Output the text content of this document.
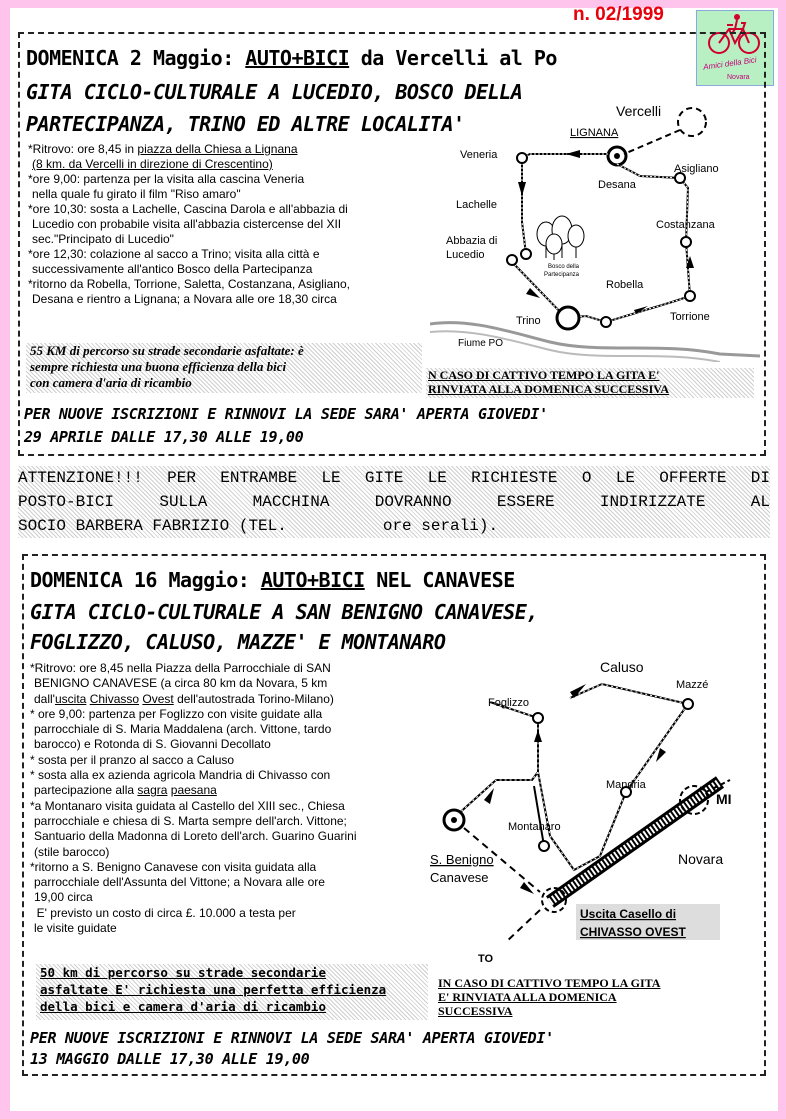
n. 02/1999
Amici della Bici
Novara
DOMENICA 2 Maggio: AUTO+BICI da Vercelli al Po
GITA CICLO-CULTURALE A LUCEDIO, BOSCO DELLA
PARTECIPANZA, TRINO ED ALTRE LOCALITA'

*Ritrovo: ore 8,45 in piazza della Chiesa a Lignana

(8 km. da Vercelli in direzione di Crescentino)

*ore 9,00: partenza per la visita alla cascina Veneria

nella quale fu girato il film "Riso amaro"

*ore 10,30: sosta a Lachelle, Cascina Darola e all'abbazia di

Lucedio con probabile visita all'abbazia cistercense del XII

sec."Principato di Lucedio"

*ore 12,30: colazione al sacco a Trino; visita alla città e

successivamente all'antico Bosco della Partecipanza

*ritorno da Robella, Torrione, Saletta, Costanzana, Asigliano,

Desana e rientro a Lignana; a Novara alle ore 18,30 circa

55 KM di percorso su strade secondarie asfaltate: è
sempre richiesta una buona efficienza della bici
con camera d'aria di ricambio	N CASO DI CATTIVO TEMPO LA GITA E'
RINVIATA ALLA DOMENICA SUCCESSIVA
PER NUOVE ISCRIZIONI E RINNOVI LA SEDE SARA' APERTA GIOVEDI'
29 APRILE DALLE 17,30 ALLE 19,00
Vercelli
LIGNANA
Veneria
Desana
Asigliano
Lachelle
Costanzana
Abbazia di
Lucedio
Bosco della
Partecipanza
Robella
Trino	Torrione
Fiume PO

ATTENZIONE!!! PER ENTRAMBE LE GITE LE RICHIESTE O LE OFFERTE DI

POSTO-BICI SULLA MACCHINA DOVRANNO ESSERE INDIRIZZATE AL

SOCIO BARBERA FABRIZIO (TEL.	ore serali).

DOMENICA 16 Maggio: AUTO+BICI NEL CANAVESE
GITA CICLO-CULTURALE A SAN BENIGNO CANAVESE,
FOGLIZZO, CALUSO, MAZZE' E MONTANARO

*Ritrovo: ore 8,45 nella Piazza della Parrocchiale di SAN

BENIGNO CANAVESE (a circa 80 km da Novara, 5 km

dall'uscita Chivasso Ovest dell'autostrada Torino-Milano)

* ore 9,00: partenza per Foglizzo con visite guidate alla

parrocchiale di S. Maria Maddalena (arch. Vittone, tardo

barocco) e Rotonda di S. Giovanni Decollato

* sosta per il pranzo al sacco a Caluso

* sosta alla ex azienda agricola Mandria di Chivasso con

partecipazione alla sagra paesana

*a Montanaro visita guidata al Castello del XIII sec., Chiesa

parrocchiale e chiesa di S. Marta sempre dell'arch. Vittone;

Santuario della Madonna di Loreto dell'arch. Guarino Guarini

(stile barocco)

*ritorno a S. Benigno Canavese con visita guidata alla

parrocchiale dell'Assunta del Vittone; a Novara alle ore

19,00 circa

E' previsto un costo di circa £. 10.000 a testa per

le visite guidate

50 km di percorso su strade secondarie
asfaltate E' richiesta una perfetta efficienza
della bici e camera d'aria di ricambio
IN CASO DI CATTIVO TEMPO LA GITA
E' RINVIATA ALLA DOMENICA
SUCCESSIVA
PER NUOVE ISCRIZIONI E RINNOVI LA SEDE SARA' APERTA GIOVEDI'
13 MAGGIO DALLE 17,30 ALLE 19,00
Caluso
Mazzé
Foglizzo
Mandria
MI
Montanaro
Novara
S. Benigno
Canavese
Uscita Casello di
CHIVASSO OVEST
TO
